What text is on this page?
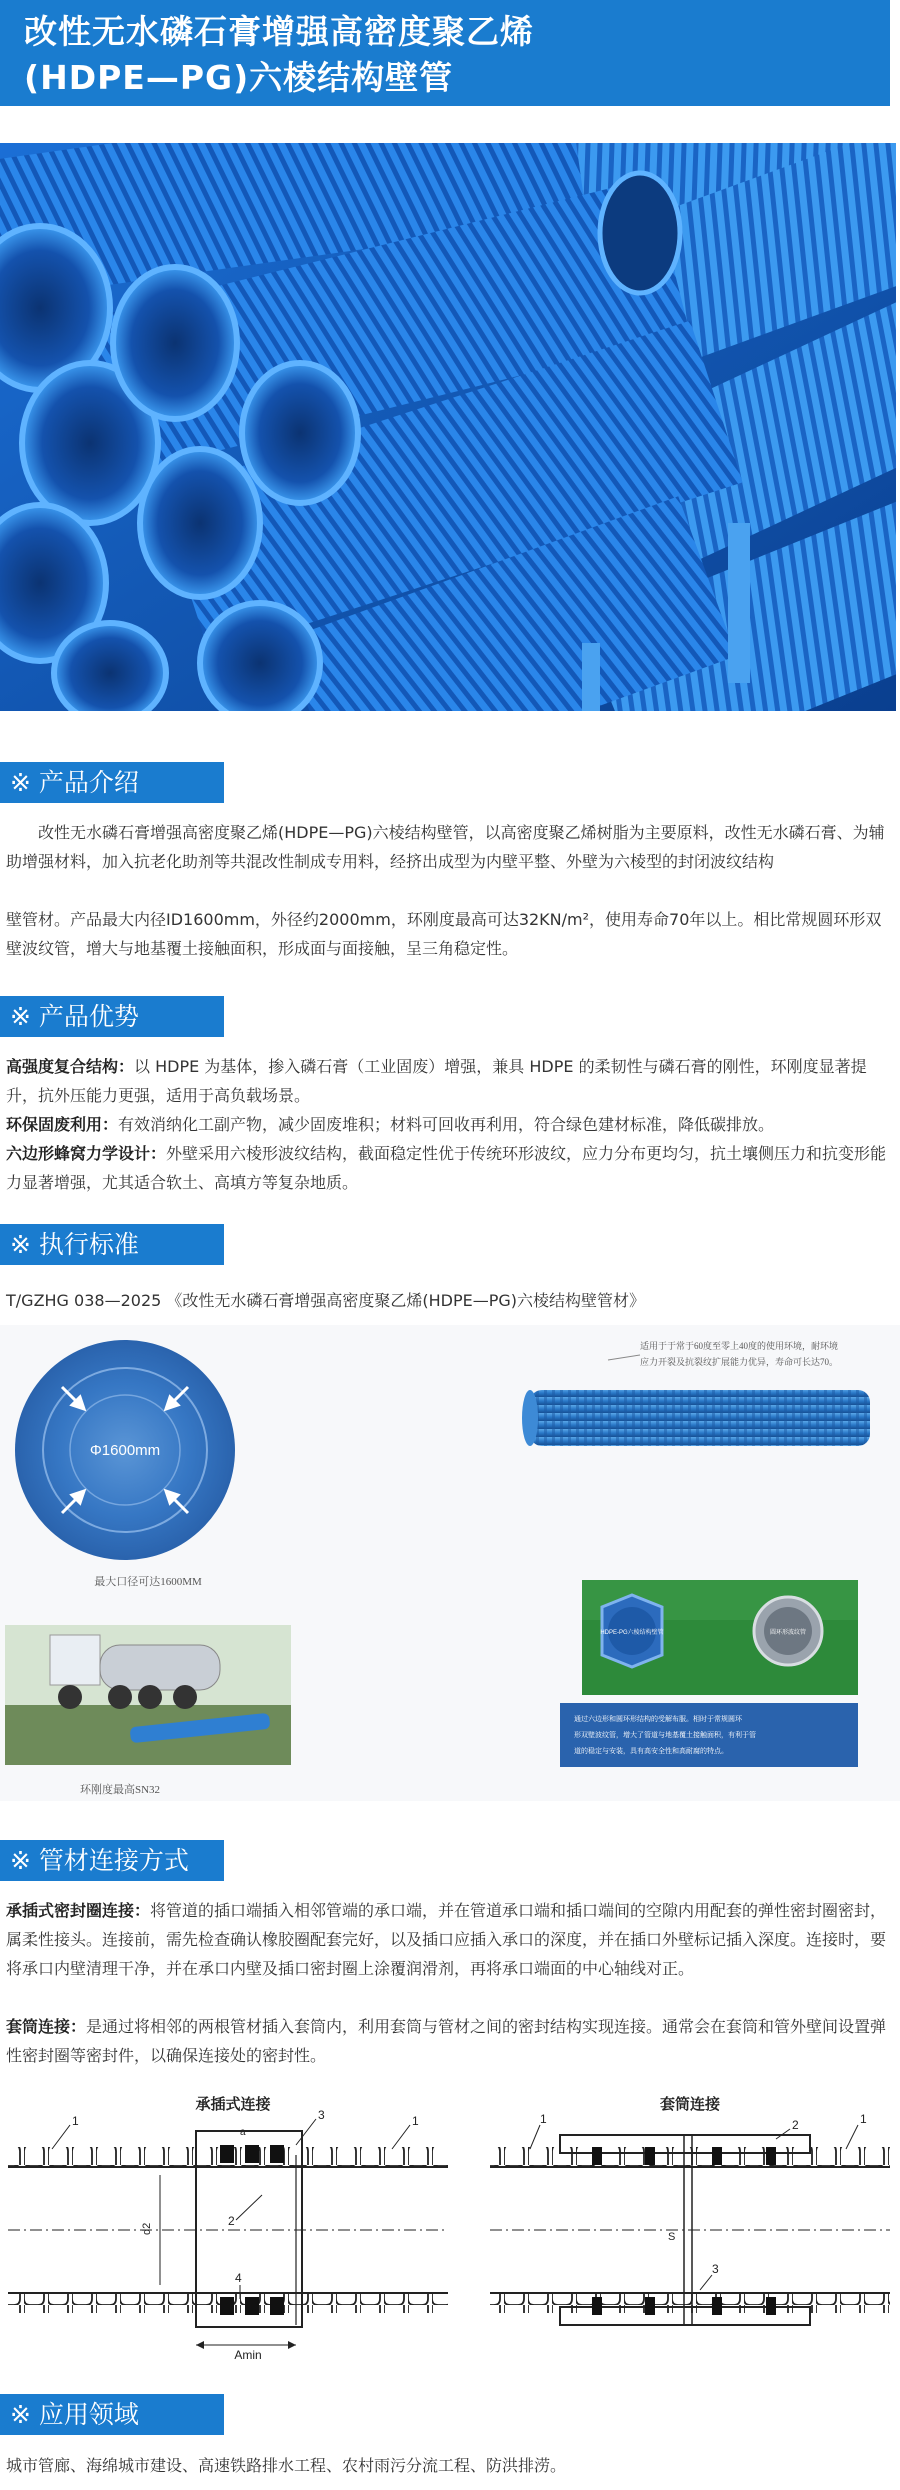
改性无水磷石膏增强高密度聚乙烯
(HDPE—PG)六棱结构壁管
※ 产品介绍
改性无水磷石膏增强高密度聚乙烯(HDPE—PG)六棱结构壁管，以高密度聚乙烯树脂为主要原料，改性无水磷石膏、为辅助增强材料，加入抗老化助剂等共混改性制成专用料，经挤出成型为内壁平整、外壁为六棱型的封闭波纹结构
壁管材。产品最大内径ID1600mm，外径约2000mm，环刚度最高可达32KN/m²，使用寿命70年以上。相比常规圆环形双壁波纹管，增大与地基覆土接触面积，形成面与面接触，呈三角稳定性。
※ 产品优势
高强度复合结构：以 HDPE 为基体，掺入磷石膏（工业固废）增强，兼具 HDPE 的柔韧性与磷石膏的刚性，环刚度显著提升，抗外压能力更强，适用于高负载场景。
环保固废利用：有效消纳化工副产物，减少固废堆积；材料可回收再利用，符合绿色建材标准，降低碳排放。
六边形蜂窝力学设计：外壁采用六棱形波纹结构，截面稳定性优于传统环形波纹，应力分布更均匀，抗土壤侧压力和抗变形能力显著增强，尤其适合软土、高填方等复杂地质。
※ 执行标准
T/GZHG 038—2025 《改性无水磷石膏增强高密度聚乙烯(HDPE—PG)六棱结构壁管材》
Φ1600mm
最大口径可达1600MM
适用于于常于60度至零上40度的使用环境，耐环境
应力开裂及抗裂纹扩展能力优异，寿命可长达70。
环刚度最高SN32
HDPE-PG六棱结构壁管	圆环形波纹管
通过六边形和圆环形结构的受解布服。相时于常规圆环
形双壁波纹管，增大了管道与地基覆土接触面积，有利于管
道的稳定与安装，具有高安全性和高耐腐的特点。
※ 管材连接方式
承插式密封圈连接：将管道的插口端插入相邻管端的承口端，并在管道承口端和插口端间的空隙内用配套的弹性密封圈密封，属柔性接头。连接前，需先检查确认橡胶圈配套完好，以及插口应插入承口的深度，并在插口外壁标记插入深度。连接时，要将承口内壁清理干净，并在承口内壁及插口密封圈上涂覆润滑剂，再将承口端面的中心轴线对正。
套筒连接：是通过将相邻的两根管材插入套筒内，利用套筒与管材之间的密封结构实现连接。通常会在套筒和管外壁间设置弹性密封圈等密封件，以确保连接处的密封性。
承插式连接
Amin
d2
a
1	1
2
3
4
套筒连接
S
1	1
2
3
※ 应用领域
城市管廊、海绵城市建设、高速铁路排水工程、农村雨污分流工程、防洪排涝。
